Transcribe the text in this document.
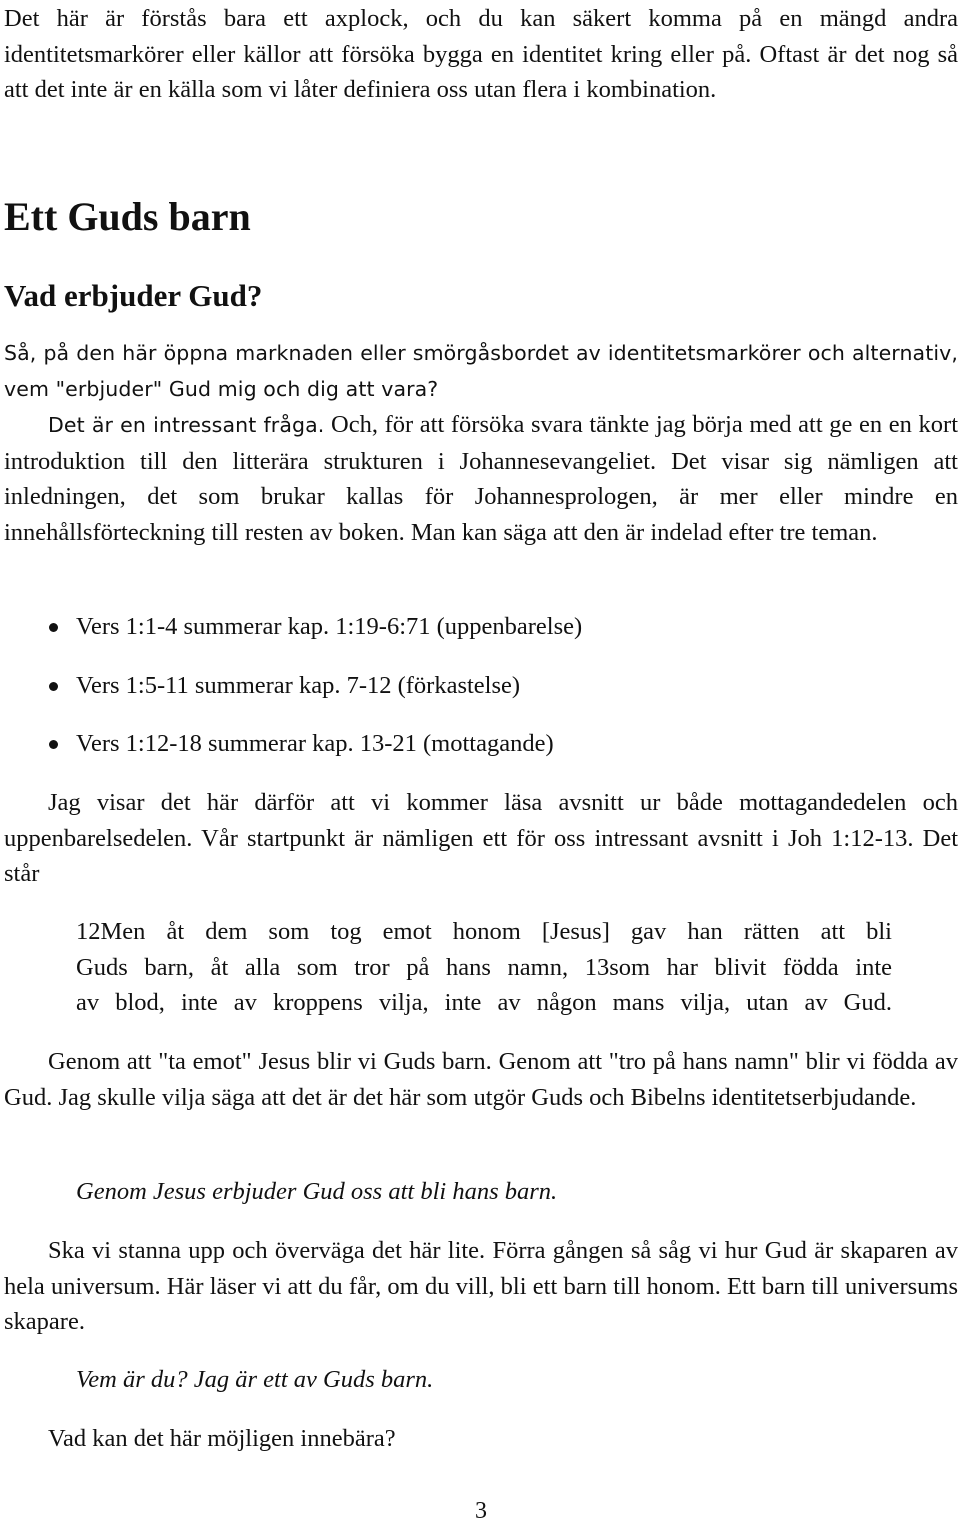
Det här är förstås bara ett axplock, och du kan säkert komma på en mängd andra identitetsmarkörer eller källor att försöka bygga en identitet kring eller på. Oftast är det nog så att det inte är en källa som vi låter definiera oss utan flera i kombination.

Ett Guds barn
Vad erbjuder Gud?

Så, på den här öppna marknaden eller smörgåsbordet av identitetsmarkörer och alternativ, vem "erbjuder" Gud mig och dig att vara?

Det är en intressant fråga. Och, för att försöka svara tänkte jag börja med att ge en en kort introduktion till den litterära strukturen i Johannesevangeliet. Det visar sig nämligen att inledningen, det som brukar kallas för Johannesprologen, är mer eller mindre en innehållsförteckning till resten av boken. Man kan säga att den är indelad efter tre teman.

Vers 1:1-4 summerar kap. 1:19-6:71 (uppenbarelse)
Vers 1:5-11 summerar kap. 7-12 (förkastelse)
Vers 1:12-18 summerar kap. 13-21 (mottagande)

Jag visar det här därför att vi kommer läsa avsnitt ur både mottagandedelen och uppenbarelsedelen. Vår startpunkt är nämligen ett för oss intressant avsnitt i Joh 1:12-13. Det står

12Men åt dem som tog emot honom [Jesus] gav han rätten att bli
Guds barn, åt alla som tror på hans namn, 13som har blivit födda inte
av blod, inte av kroppens vilja, inte av någon mans vilja, utan av Gud.

Genom att "ta emot" Jesus blir vi Guds barn. Genom att "tro på hans namn" blir vi födda av Gud. Jag skulle vilja säga att det är det här som utgör Guds och Bibelns identitetserbjudande.

Genom Jesus erbjuder Gud oss att bli hans barn.

Ska vi stanna upp och överväga det här lite. Förra gången så såg vi hur Gud är skaparen av hela universum. Här läser vi att du får, om du vill, bli ett barn till honom. Ett barn till universums skapare.

Vem är du? Jag är ett av Guds barn.

Vad kan det här möjligen innebära?

3
